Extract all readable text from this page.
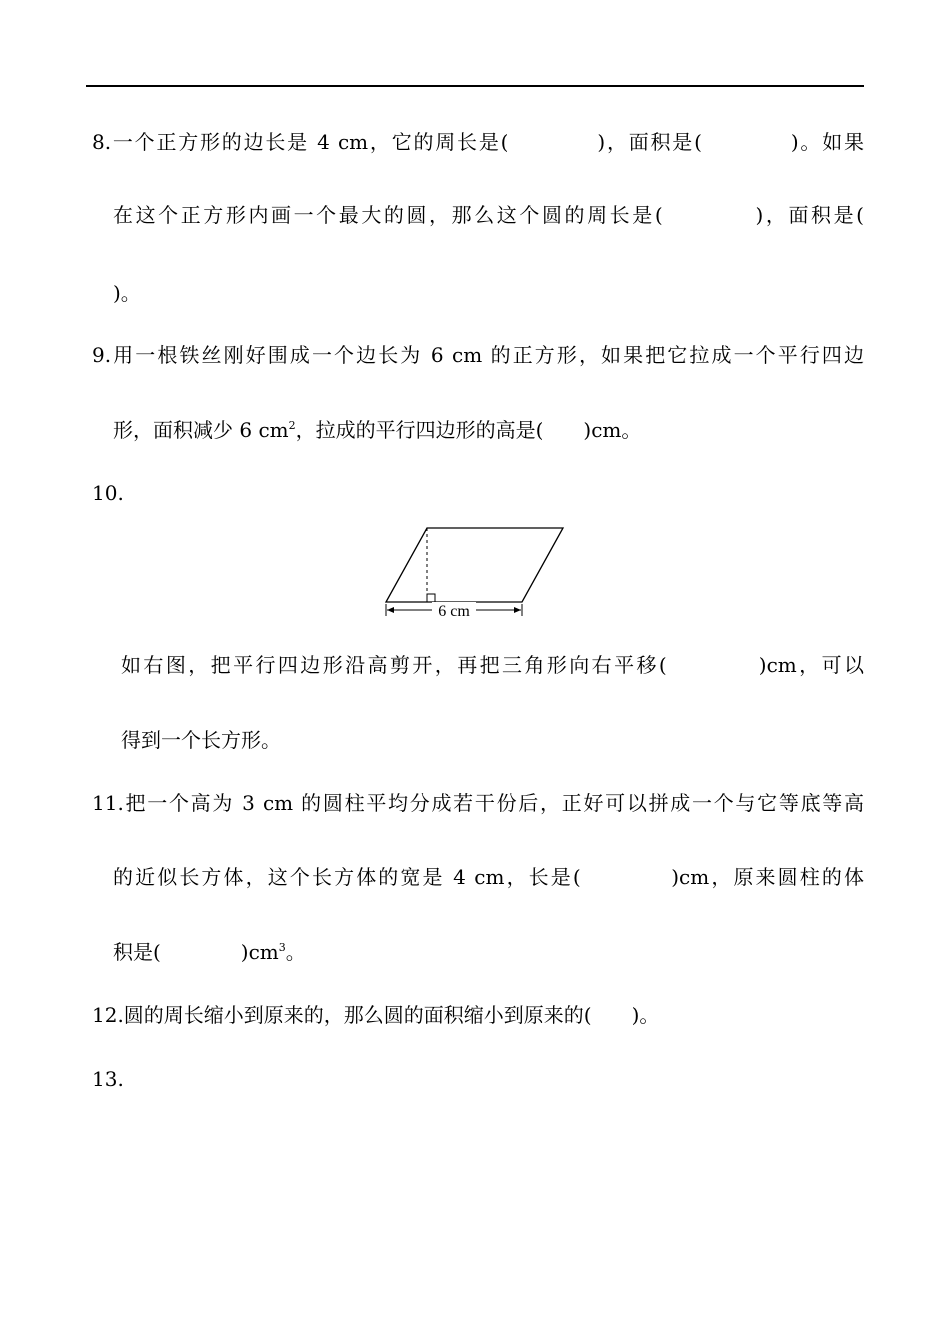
8.一个正方形的边长是 4 cm，它的周长是(　　　　)，面积是(　　　　)。如果
在这个正方形内画一个最大的圆，那么这个圆的周长是(　　　　)，面积是(
)。
9.用一根铁丝刚好围成一个边长为 6 cm 的正方形，如果把它拉成一个平行四边
形，面积减少 6 $cm^2$，拉成的平行四边形的高是(　　)cm。
10.
6 cm
如右图，把平行四边形沿高剪开，再把三角形向右平移(　　　　)cm，可以
得到一个长方形。
11.把一个高为 3 cm 的圆柱平均分成若干份后，正好可以拼成一个与它等底等高
的近似长方体，这个长方体的宽是 4 cm，长是(　　　　)cm，原来圆柱的体
积是(　　　　)$cm^3$。
12.圆的周长缩小到原来的，那么圆的面积缩小到原来的(　　)。
13.
